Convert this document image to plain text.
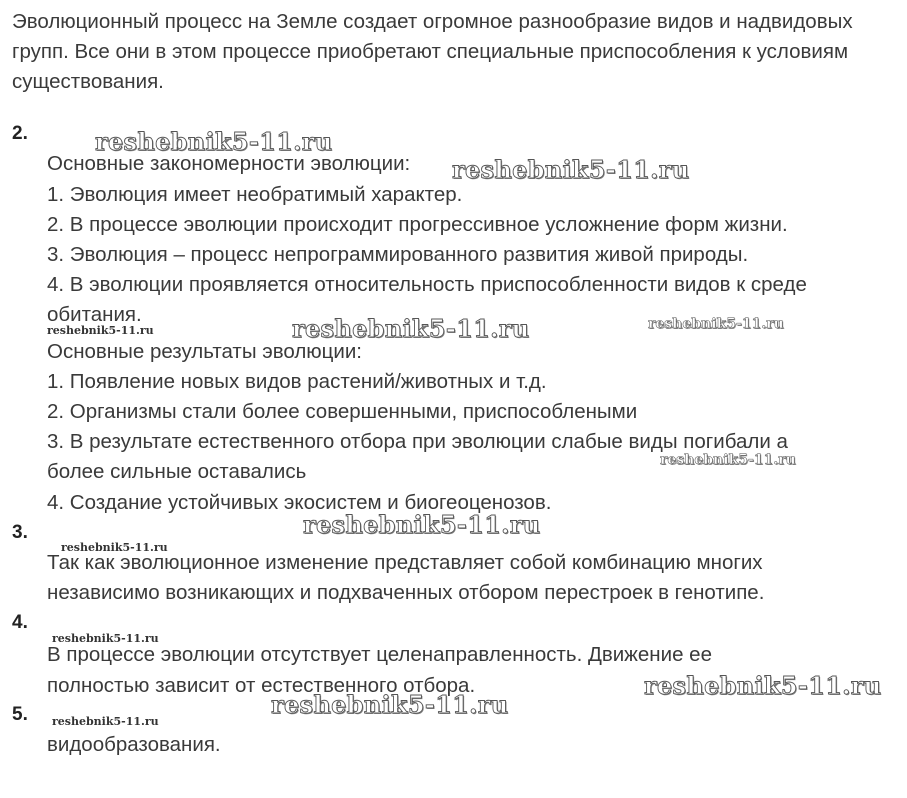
Эволюционный процесс на Земле создает огромное разнообразие видов и надвидовых групп. Все они в этом процессе приобретают специальные приспособления к условиям существования.

2.

Основные закономерности эволюции:

1. Эволюция имеет необратимый характер.

2. В процессе эволюции происходит прогрессивное усложнение форм жизни.

3. Эволюция – процесс непрограммированного развития живой природы.

4. В эволюции проявляется относительность приспособленности видов к среде

обитания.

Основные результаты эволюции:

1. Появление новых видов растений/животных и т.д.

2. Организмы стали более совершенными, приспособлеными

3. В результате естественного отбора при эволюции слабые виды погибали а

более сильные оставались

4. Создание устойчивых экосистем и биогеоценозов.

3.

Так как эволюционное изменение представляет собой комбинацию многих

независимо возникающих и подхваченных отбором перестроек в генотипе.

4.

В процессе эволюции отсутствует целенаправленность. Движение ее

полностью зависит от естественного отбора.

5.

видообразования.

reshebnik5-11.ru
reshebnik5-11.ru
reshebnik5-11.ru	reshebnik5-11.ru	reshebnik5-11.ru
reshebnik5-11.ru
reshebnik5-11.ru
reshebnik5-11.ru
reshebnik5-11.ru
reshebnik5-11.ru
reshebnik5-11.ru
reshebnik5-11.ru
